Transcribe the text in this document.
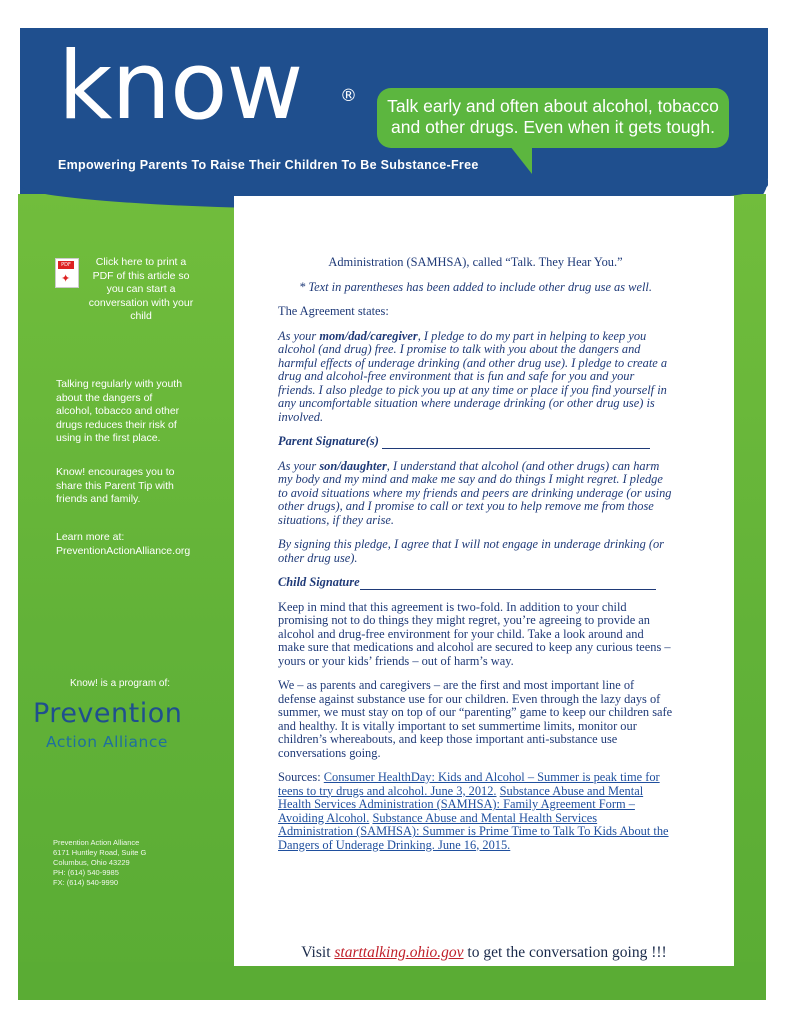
know ®
Empowering Parents To Raise Their Children To Be Substance-Free
Talk early and often about alcohol, tobacco and other drugs. Even when it gets tough.
PDF
✦
Click here to print a PDF of this article so you can start a conversation with your child
Talking regularly with youth about the dangers of alcohol, tobacco and other drugs reduces their risk of using in the first place.
Know! encourages you to share this Parent Tip with friends and family.
Learn more at:
PreventionActionAlliance.org
Know! is a program of:
Prevention
Action Alliance
Prevention Action Alliance
6171 Huntley Road, Suite G
Columbus, Ohio 43229
PH: (614) 540-9985
FX: (614) 540-9990

Administration (SAMHSA), called “Talk. They Hear You.”

* Text in parentheses has been added to include other drug use as well.

The Agreement states:

As your mom/dad/caregiver, I pledge to do my part in helping to keep you alcohol (and drug) free. I promise to talk with you about the dangers and harmful effects of underage drinking (and other drug use). I pledge to create a drug and alcohol-free environment that is fun and safe for you and your friends. I also pledge to pick you up at any time or place if you find yourself in any uncomfortable situation where underage drinking (or other drug use) is involved.

Parent Signature(s)

As your son/daughter, I understand that alcohol (and other drugs) can harm my body and my mind and make me say and do things I might regret. I pledge to avoid situations where my friends and peers are drinking underage (or using other drugs), and I promise to call or text you to help remove me from those situations, if they arise.

By signing this pledge, I agree that I will not engage in underage drinking (or other drug use).

Child Signature

Keep in mind that this agreement is two-fold. In addition to your child promising not to do things they might regret, you’re agreeing to provide an alcohol and drug-free environment for your child. Take a look around and make sure that medications and alcohol are secured to keep any curious teens – yours or your kids’ friends – out of harm’s way.

We – as parents and caregivers – are the first and most important line of defense against substance use for our children. Even through the lazy days of summer, we must stay on top of our “parenting” game to keep our children safe and healthy. It is vitally important to set summertime limits, monitor our children’s whereabouts, and keep those important anti-substance use conversations going.

Sources: Consumer HealthDay: Kids and Alcohol – Summer is peak time for teens to try drugs and alcohol. June 3, 2012. Substance Abuse and Mental Health Services Administration (SAMHSA): Family Agreement Form – Avoiding Alcohol. Substance Abuse and Mental Health Services Administration (SAMHSA): Summer is Prime Time to Talk To Kids About the Dangers of Underage Drinking. June 16, 2015.

Visit starttalking.ohio.gov to get the conversation going !!!
